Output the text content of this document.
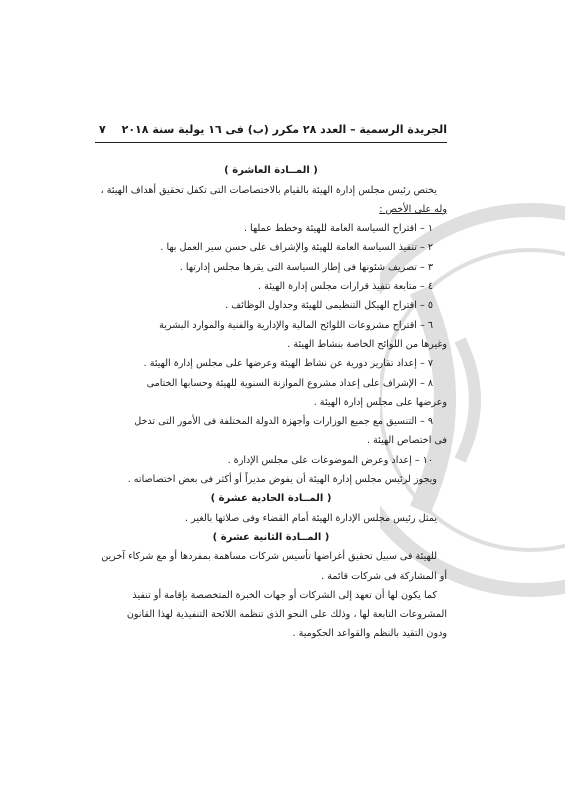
الجريدة الرسمية – العدد ٢٨ مكرر (ب) فى ١٦ يولية سنة ٢٠١٨
٧
( المــادة العاشرة )
يختص رئيس مجلس إدارة الهيئة بالقيام بالاختصاصات التى تكفل تحقيق أهداف الهيئة ،
وله على الأخص :
١ – اقتراح السياسة العامة للهيئة وخطط عملها .
٢ – تنفيذ السياسة العامة للهيئة والإشراف على حسن سير العمل بها .
٣ – تصريف شئونها فى إطار السياسة التى يقرها مجلس إدارتها .
٤ – متابعة تنفيذ قرارات مجلس إدارة الهيئة .
٥ – اقتراح الهيكل التنظيمى للهيئة وجداول الوظائف .
٦ – اقتراح مشروعات اللوائح المالية والإدارية والفنية والموارد البشرية
وغيرها من اللوائح الخاصة بنشاط الهيئة .
٧ – إعداد تقارير دورية عن نشاط الهيئة وعرضها على مجلس إدارة الهيئة .
٨ – الإشراف على إعداد مشروع الموازنة السنوية للهيئة وحسابها الختامى
وعرضها على مجلس إدارة الهيئة .
٩ – التنسيق مع جميع الوزارات وأجهزة الدولة المختلفة فى الأمور التى تدخل
فى اختصاص الهيئة .
١٠ – إعداد وعرض الموضوعات على مجلس الإدارة .
ويجوز لرئيس مجلس إدارة الهيئة أن يفوض مديراً أو أكثر فى بعض اختصاصاته .
( المــادة الحادية عشرة )
يمثل رئيس مجلس الإدارة الهيئة أمام القضاء وفى صلاتها بالغير .
( المــادة الثانية عشرة )
للهيئة فى سبيل تحقيق أغراضها تأسيس شركات مساهمة بمفردها أو مع شركاء آخرين
أو المشاركة فى شركات قائمة .
كما يكون لها أن تعهد إلى الشركات أو جهات الخبرة المتخصصة بإقامة أو تنفيذ
المشروعات التابعة لها ، وذلك على النحو الذى تنظمه اللائحة التنفيذية لهذا القانون
ودون التقيد بالنظم والقواعد الحكومية .
